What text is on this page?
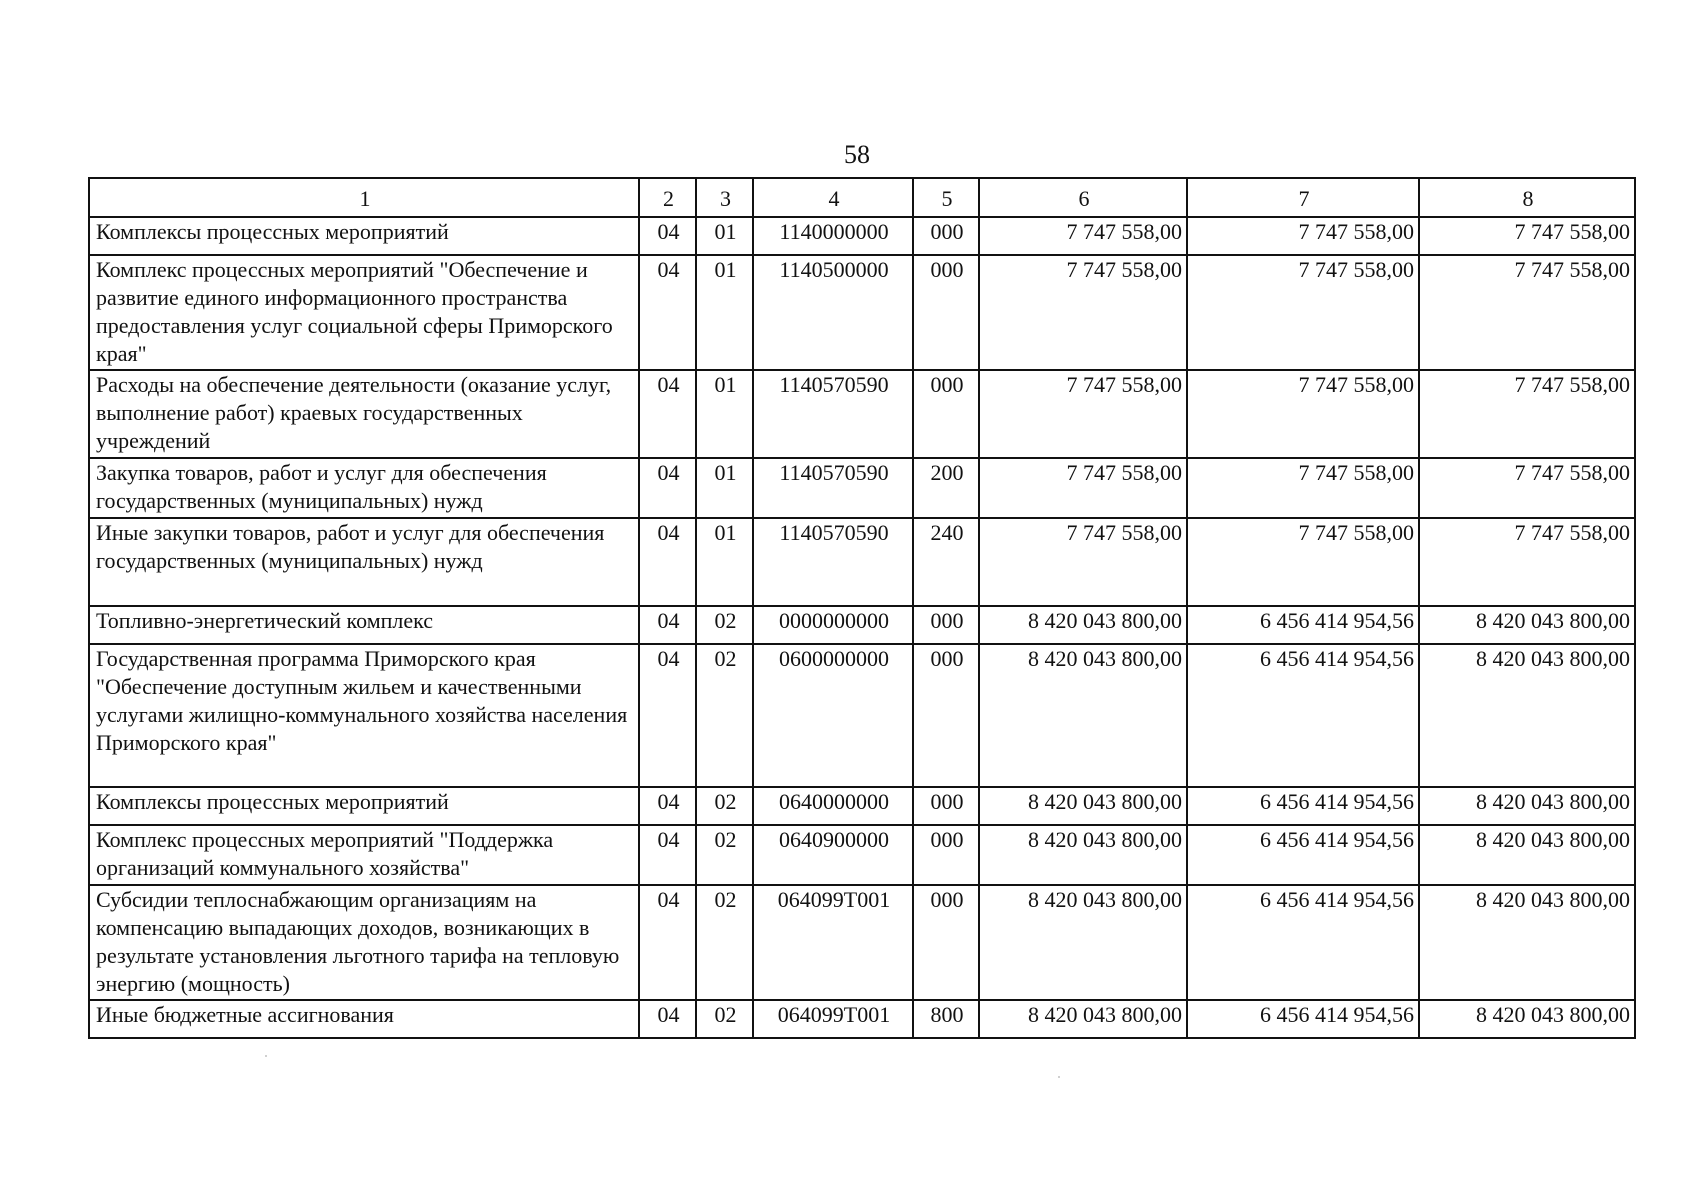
58
1	2	3	4	5	6	7	8
Комплексы процессных мероприятий	04	01	1140000000	000	7 747 558,00	7 747 558,00	7 747 558,00
Комплекс процессных мероприятий "Обеспечение и развитие единого информационного пространства предоставления услуг социальной сферы Приморского края"	04	01	1140500000	000	7 747 558,00	7 747 558,00	7 747 558,00
Расходы на обеспечение деятельности (оказание услуг, выполнение работ) краевых государственных учреждений	04	01	1140570590	000	7 747 558,00	7 747 558,00	7 747 558,00
Закупка товаров, работ и услуг для обеспечения государственных (муниципальных) нужд	04	01	1140570590	200	7 747 558,00	7 747 558,00	7 747 558,00
Иные закупки товаров, работ и услуг для обеспечения государственных (муниципальных) нужд	04	01	1140570590	240	7 747 558,00	7 747 558,00	7 747 558,00
Топливно-энергетический комплекс	04	02	0000000000	000	8 420 043 800,00	6 456 414 954,56	8 420 043 800,00
Государственная программа Приморского края "Обеспечение доступным жильем и качественными услугами жилищно-коммунального хозяйства населения Приморского края"	04	02	0600000000	000	8 420 043 800,00	6 456 414 954,56	8 420 043 800,00
Комплексы процессных мероприятий	04	02	0640000000	000	8 420 043 800,00	6 456 414 954,56	8 420 043 800,00
Комплекс процессных мероприятий "Поддержка организаций коммунального хозяйства"	04	02	0640900000	000	8 420 043 800,00	6 456 414 954,56	8 420 043 800,00
Субсидии теплоснабжающим организациям на компенсацию выпадающих доходов, возникающих в результате установления льготного тарифа на тепловую энергию (мощность)	04	02	064099Т001	000	8 420 043 800,00	6 456 414 954,56	8 420 043 800,00
Иные бюджетные ассигнования	04	02	064099Т001	800	8 420 043 800,00	6 456 414 954,56	8 420 043 800,00
